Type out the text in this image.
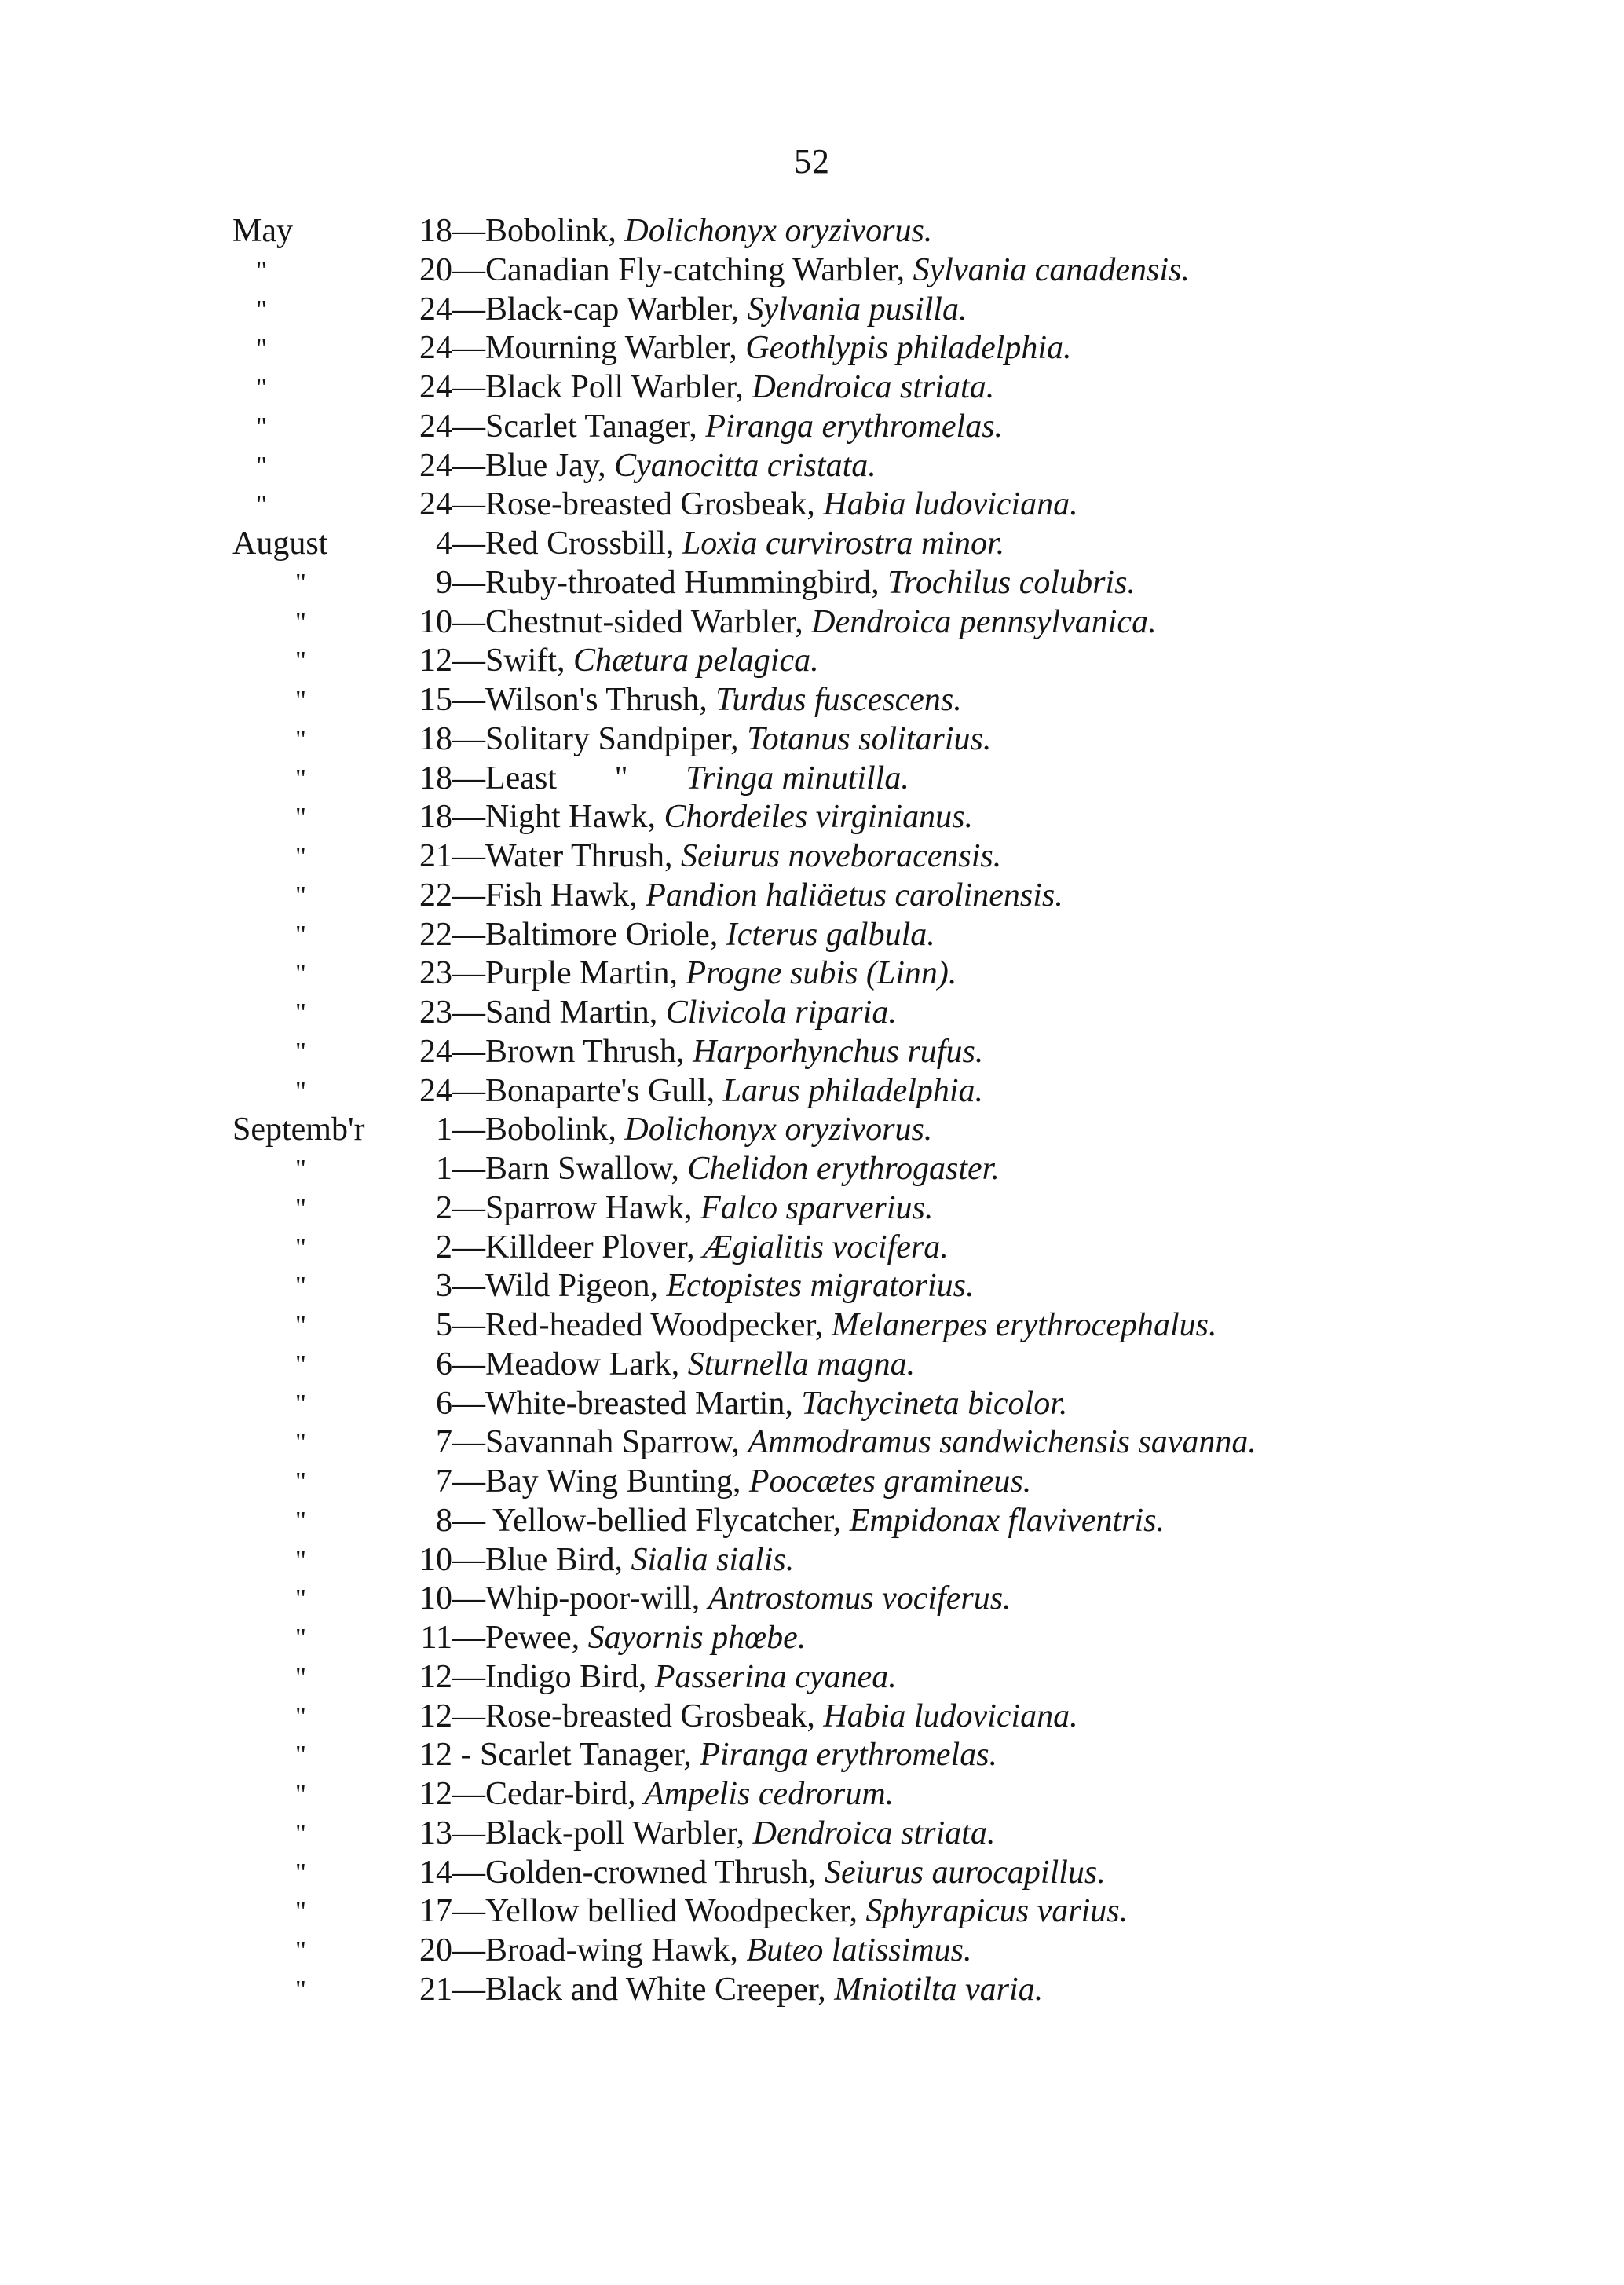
52
May	18 —Bobolink, Dolichonyx oryzivorus.
"	20 —Canadian Fly-catching Warbler, Sylvania canadensis.
"	24 —Black-cap Warbler, Sylvania pusilla.
"	24 —Mourning Warbler, Geothlypis philadelphia.
"	24 —Black Poll Warbler, Dendroica striata.
"	24 —Scarlet Tanager, Piranga erythromelas.
"	24 —Blue Jay, Cyanocitta cristata.
"	24 —Rose-breasted Grosbeak, Habia ludoviciana.
August	4 —Red Crossbill, Loxia curvirostra minor.
"	9 —Ruby-throated Hummingbird, Trochilus colubris.
"	10 —Chestnut-sided Warbler, Dendroica pennsylvanica.
"	12 —Swift, Chætura pelagica.
"	15 —Wilson's Thrush, Turdus fuscescens.
"	18 —Solitary Sandpiper, Totanus solitarius.
"	18 —Least       "       Tringa minutilla.
"	18 —Night Hawk, Chordeiles virginianus.
"	21 —Water Thrush, Seiurus noveboracensis.
"	22 —Fish Hawk, Pandion haliäetus carolinensis.
"	22 —Baltimore Oriole, Icterus galbula.
"	23 —Purple Martin, Progne subis (Linn).
"	23 —Sand Martin, Clivicola riparia.
"	24 —Brown Thrush, Harporhynchus rufus.
"	24 —Bonaparte's Gull, Larus philadelphia.
Septemb'r	1 —Bobolink, Dolichonyx oryzivorus.
"	1 —Barn Swallow, Chelidon erythrogaster.
"	2 —Sparrow Hawk, Falco sparverius.
"	2 —Killdeer Plover, Ægialitis vocifera.
"	3 —Wild Pigeon, Ectopistes migratorius.
"	5 —Red-headed Woodpecker, Melanerpes erythrocephalus.
"	6 —Meadow Lark, Sturnella magna.
"	6 —White-breasted Martin, Tachycineta bicolor.
"	7 —Savannah Sparrow, Ammodramus sandwichensis savanna.
"	7 —Bay Wing Bunting, Poocætes gramineus.
"	8 — Yellow-bellied Flycatcher, Empidonax flaviventris.
"	10 —Blue Bird, Sialia sialis.
"	10 —Whip-poor-will, Antrostomus vociferus.
"	11 —Pewee, Sayornis phœbe.
"	12 —Indigo Bird, Passerina cyanea.
"	12 —Rose-breasted Grosbeak, Habia ludoviciana.
"	12 - Scarlet Tanager, Piranga erythromelas.
"	12 —Cedar-bird, Ampelis cedrorum.
"	13 —Black-poll Warbler, Dendroica striata.
"	14 —Golden-crowned Thrush, Seiurus aurocapillus.
"	17 —Yellow bellied Woodpecker, Sphyrapicus varius.
"	20 —Broad-wing Hawk, Buteo latissimus.
"	21 —Black and White Creeper, Mniotilta varia.
